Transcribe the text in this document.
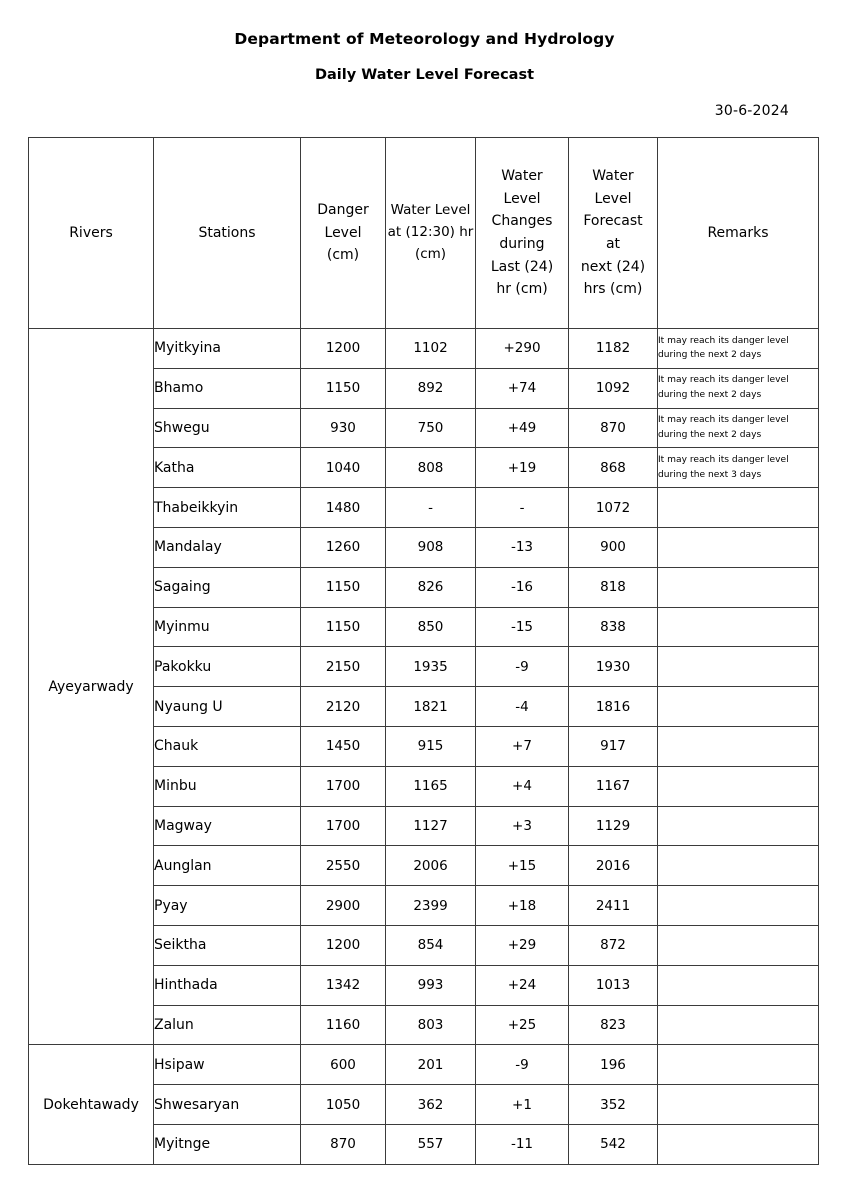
Department of Meteorology and Hydrology
Daily Water Level Forecast
30-6-2024
Rivers	Stations	Danger
Level
(cm)	Water Level
at (12:30) hr
(cm)	Water
Level
Changes
during
Last (24)
hr (cm)	Water
Level
Forecast
at
next (24)
hrs (cm)	Remarks
Ayeyarwady	Myitkyina	1200	1102	+290	1182	It may reach its danger level
during the next 2 days

	Bhamo	1150	892	+74	1092	It may reach its danger level
during the next 2 days

	Shwegu	930	750	+49	870	It may reach its danger level
during the next 2 days

	Katha	1040	808	+19	868	It may reach its danger level
during the next 3 days

	Thabeikkyin	1480	-	-	1072	
	Mandalay	1260	908	-13	900	
	Sagaing	1150	826	-16	818	
	Myinmu	1150	850	-15	838	
	Pakokku	2150	1935	-9	1930	
	Nyaung U	2120	1821	-4	1816	
	Chauk	1450	915	+7	917	
	Minbu	1700	1165	+4	1167	
	Magway	1700	1127	+3	1129	
	Aunglan	2550	2006	+15	2016	
	Pyay	2900	2399	+18	2411	
	Seiktha	1200	854	+29	872	
	Hinthada	1342	993	+24	1013	
	Zalun	1160	803	+25	823	
Dokehtawady	Hsipaw	600	201	-9	196	
	Shwesaryan	1050	362	+1	352	
	Myitnge	870	557	-11	542	
